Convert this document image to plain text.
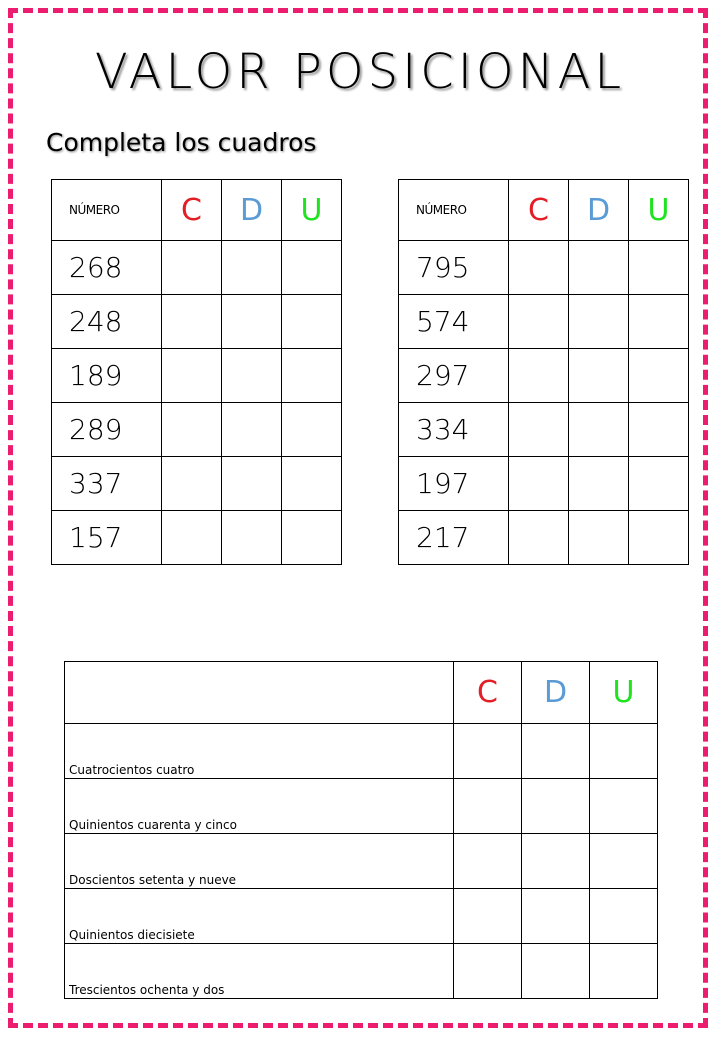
VALOR POSICIONAL
Completa los cuadros
NÚMERO	C	D	U
268			
248			
189			
289			
337			
157			
NÚMERO	C	D	U
795			
574			
297			
334			
197			
217			
	C	D	U
Cuatrocientos cuatro			
Quinientos cuarenta y cinco			
Doscientos setenta y nueve			
Quinientos diecisiete			
Trescientos ochenta y dos			
